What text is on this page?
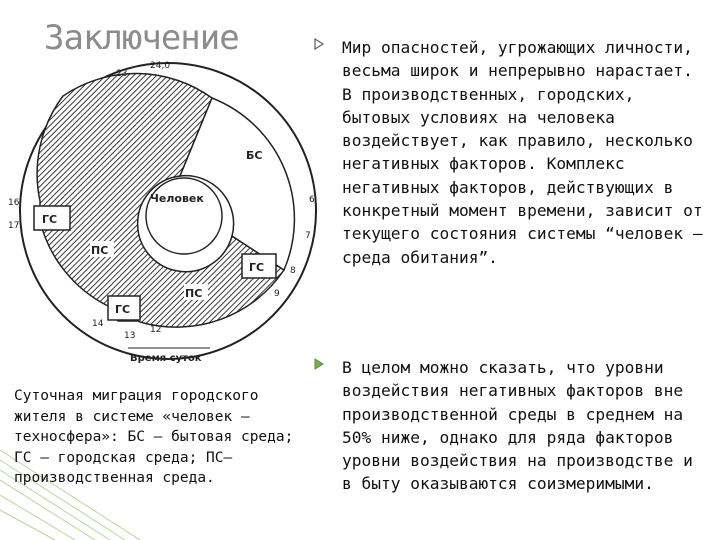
Заключение
БС
Человек
ГС
ГС
ГС
ПС
ПС
24,0
23
6
7
8
9
12
13
14
16
17
Время суток
Суточная миграция городского жителя в системе «человек – техносфера»: БС – бытовая среда; ГС – городская среда; ПС– производственная среда.
Мир опасностей, угрожающих личности, весьма широк и непрерывно нарастает. В производственных, городских, бытовых условиях на человека воздействует, как правило, несколько негативных факторов. Комплекс негативных факторов, действующих в конкретный момент времени, зависит от текущего состояния системы “человек – среда обитания”.
В целом можно сказать, что уровни воздействия негативных факторов вне производственной среды в среднем на 50% ниже, однако для ряда факторов уровни воздействия на производстве и в быту оказываются соизмеримыми.
